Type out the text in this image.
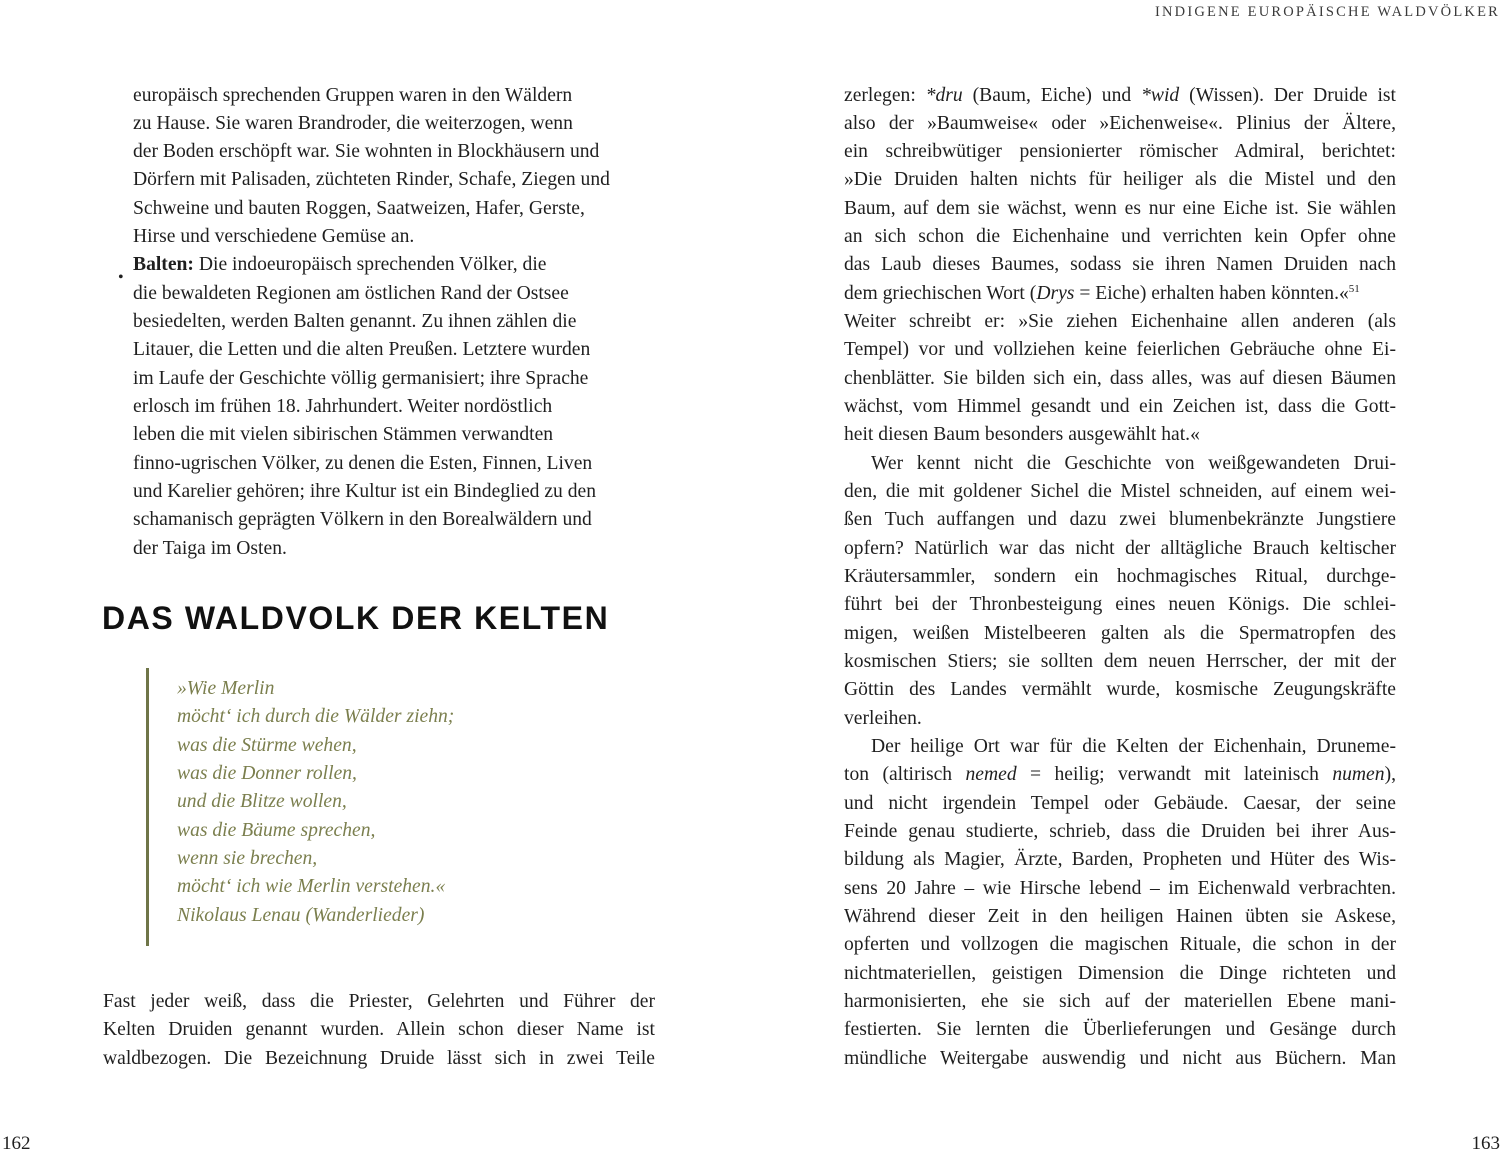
INDIGENE EUROPÄISCHE WALDVÖLKER
162	163
europäisch sprechenden Gruppen waren in den Wäldern
zu Hause. Sie waren Brandroder, die weiterzogen, wenn
der Boden erschöpft war. Sie wohnten in Blockhäusern und
Dörfern mit Palisaden, züchteten Rinder, Schafe, Ziegen und
Schweine und bauten Roggen, Saatweizen, Hafer, Gerste,
Hirse und verschiedene Gemüse an.
•
Balten: Die indoeuropäisch sprechenden Völker, die
die bewaldeten Regionen am östlichen Rand der Ostsee
besiedelten, werden Balten genannt. Zu ihnen zählen die
Litauer, die Letten und die alten Preußen. Letztere wurden
im Laufe der Geschichte völlig germanisiert; ihre Sprache
erlosch im frühen 18. Jahrhundert. Weiter nordöstlich
leben die mit vielen sibirischen Stämmen verwandten
finno-ugrischen Völker, zu denen die Esten, Finnen, Liven
und Karelier gehören; ihre Kultur ist ein Bindeglied zu den
schamanisch geprägten Völkern in den Borealwäldern und
der Taiga im Osten.
DAS WALDVOLK DER KELTEN
»Wie Merlin
möcht‘ ich durch die Wälder ziehn;
was die Stürme wehen,
was die Donner rollen,
und die Blitze wollen,
was die Bäume sprechen,
wenn sie brechen,
möcht‘ ich wie Merlin verstehen.«
Nikolaus Lenau (Wanderlieder)
Fast jeder weiß, dass die Priester, Gelehrten und Führer der
Kelten Druiden genannt wurden. Allein schon dieser Name ist
waldbezogen. Die Bezeichnung Druide lässt sich in zwei Teile
zerlegen: *dru (Baum, Eiche) und *wid (Wissen). Der Druide ist
also der »Baumweise« oder »Eichenweise«. Plinius der Ältere,
ein schreibwütiger pensionierter römischer Admiral, berichtet:
»Die Druiden halten nichts für heiliger als die Mistel und den
Baum, auf dem sie wächst, wenn es nur eine Eiche ist. Sie wählen
an sich schon die Eichenhaine und verrichten kein Opfer ohne
das Laub dieses Baumes, sodass sie ihren Namen Druiden nach
dem griechischen Wort (Drys = Eiche) erhalten haben könnten.«$^{51}$
Weiter schreibt er: »Sie ziehen Eichenhaine allen anderen (als
Tempel) vor und vollziehen keine feierlichen Gebräuche ohne Ei-
chenblätter. Sie bilden sich ein, dass alles, was auf diesen Bäumen
wächst, vom Himmel gesandt und ein Zeichen ist, dass die Gott-
heit diesen Baum besonders ausgewählt hat.«
Wer kennt nicht die Geschichte von weißgewandeten Drui-
den, die mit goldener Sichel die Mistel schneiden, auf einem wei-
ßen Tuch auffangen und dazu zwei blumenbekränzte Jungstiere
opfern? Natürlich war das nicht der alltägliche Brauch keltischer
Kräutersammler, sondern ein hochmagisches Ritual, durchge-
führt bei der Thronbesteigung eines neuen Königs. Die schlei-
migen, weißen Mistelbeeren galten als die Spermatropfen des
kosmischen Stiers; sie sollten dem neuen Herrscher, der mit der
Göttin des Landes vermählt wurde, kosmische Zeugungskräfte
verleihen.
Der heilige Ort war für die Kelten der Eichenhain, Druneme-
ton (altirisch nemed = heilig; verwandt mit lateinisch numen),
und nicht irgendein Tempel oder Gebäude. Caesar, der seine
Feinde genau studierte, schrieb, dass die Druiden bei ihrer Aus-
bildung als Magier, Ärzte, Barden, Propheten und Hüter des Wis-
sens 20 Jahre – wie Hirsche lebend – im Eichenwald verbrachten.
Während dieser Zeit in den heiligen Hainen übten sie Askese,
opferten und vollzogen die magischen Rituale, die schon in der
nichtmateriellen, geistigen Dimension die Dinge richteten und
harmonisierten, ehe sie sich auf der materiellen Ebene mani-
festierten. Sie lernten die Überlieferungen und Gesänge durch
mündliche Weitergabe auswendig und nicht aus Büchern. Man
